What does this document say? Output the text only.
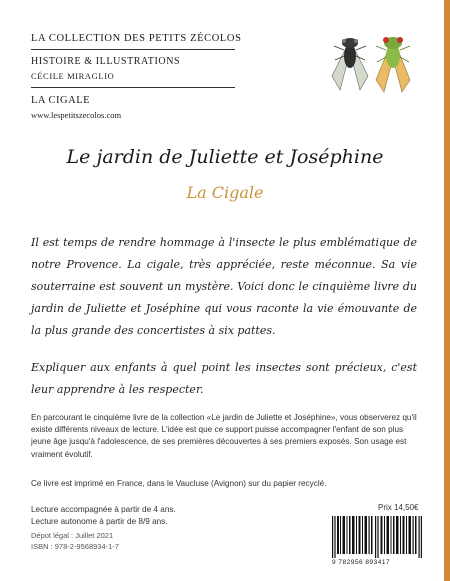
LA COLLECTION DES PETITS ZÉCOLOS
HISTOIRE & ILLUSTRATIONS
CÉCILE MIRAGLIO
LA CIGALE
www.lespetitszecolos.com
Le jardin de Juliette et Joséphine
La Cigale
Il est temps de rendre hommage à l'insecte le plus emblématique de notre Provence. La cigale, très appréciée, reste méconnue. Sa vie souterraine est souvent un mystère. Voici donc le cinquième livre du jardin de Juliette et Joséphine qui vous raconte la vie émouvante de la plus grande des concertistes à six pattes.
Expliquer aux enfants à quel point les insectes sont précieux, c'est leur apprendre à les respecter.
En parcourant le cinquième livre de la collection «Le jardin de Juliette et Joséphine», vous observerez qu'il existe différents niveaux de lecture. L'idée est que ce support puisse accompagner l'enfant de son plus jeune âge jusqu'à l'adolescence, de ses premières découvertes à ses premiers exposés. Son usage est vraiment évolutif.
Ce livre est imprimé en France, dans le Vaucluse (Avignon) sur du papier recyclé.
Lecture accompagnée à partir de 4 ans.
Lecture autonome à partir de 8/9 ans.
Dépot légal : Juillet 2021
ISBN : 978-2-9568934-1-7
Prix 14,50€
9 782956 893417
